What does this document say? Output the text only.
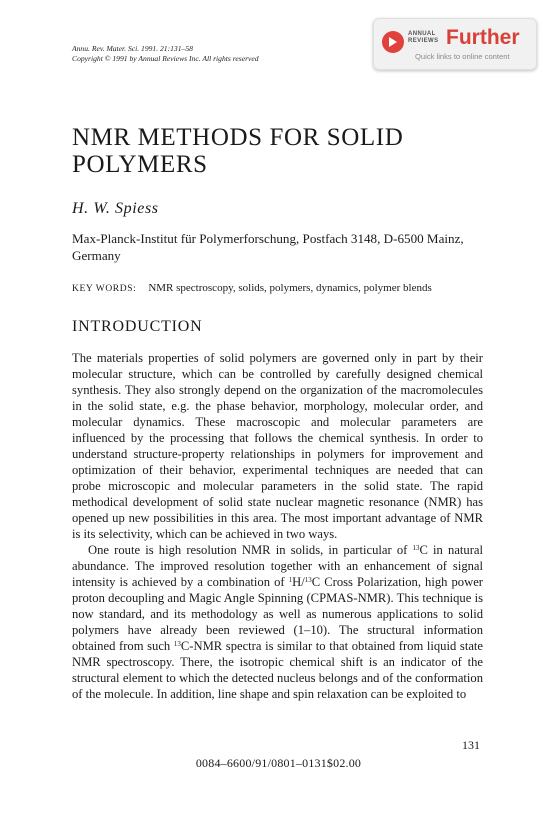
Annu. Rev. Mater. Sci. 1991. 21:131–58
Copyright © 1991 by Annual Reviews Inc. All rights reserved
ANNUAL
REVIEWS Further
Quick links to online content
NMR METHODS FOR SOLID POLYMERS
H. W. Spiess
Max-Planck-Institut für Polymerforschung, Postfach 3148, D-6500 Mainz, Germany
KEY WORDS: NMR spectroscopy, solids, polymers, dynamics, polymer blends
INTRODUCTION

The materials properties of solid polymers are governed only in part by their molecular structure, which can be controlled by carefully designed chemical synthesis. They also strongly depend on the organization of the macromolecules in the solid state, e.g. the phase behavior, morphology, molecular order, and molecular dynamics. These macroscopic and molecular parameters are influenced by the processing that follows the chemical synthesis. In order to understand structure-property relationships in polymers for improvement and optimization of their behavior, experimental techniques are needed that can probe microscopic and molecular parameters in the solid state. The rapid methodical development of solid state nuclear magnetic resonance (NMR) has opened up new possibilities in this area. The most important advantage of NMR is its selectivity, which can be achieved in two ways.

One route is high resolution NMR in solids, in particular of $^{13}$C in natural abundance. The improved resolution together with an enhancement of signal intensity is achieved by a combination of $^1$H/$^{13}$C Cross Polarization, high power proton decoupling and Magic Angle Spinning (CPMAS-NMR). This technique is now standard, and its methodology as well as numerous applications to solid polymers have already been reviewed (1–10). The structural information obtained from such $^{13}$C-NMR spectra is similar to that obtained from liquid state NMR spectroscopy. There, the isotropic chemical shift is an indicator of the structural element to which the detected nucleus belongs and of the conformation of the molecule. In addition, line shape and spin relaxation can be exploited to

131
0084–6600/91/0801–0131$02.00
